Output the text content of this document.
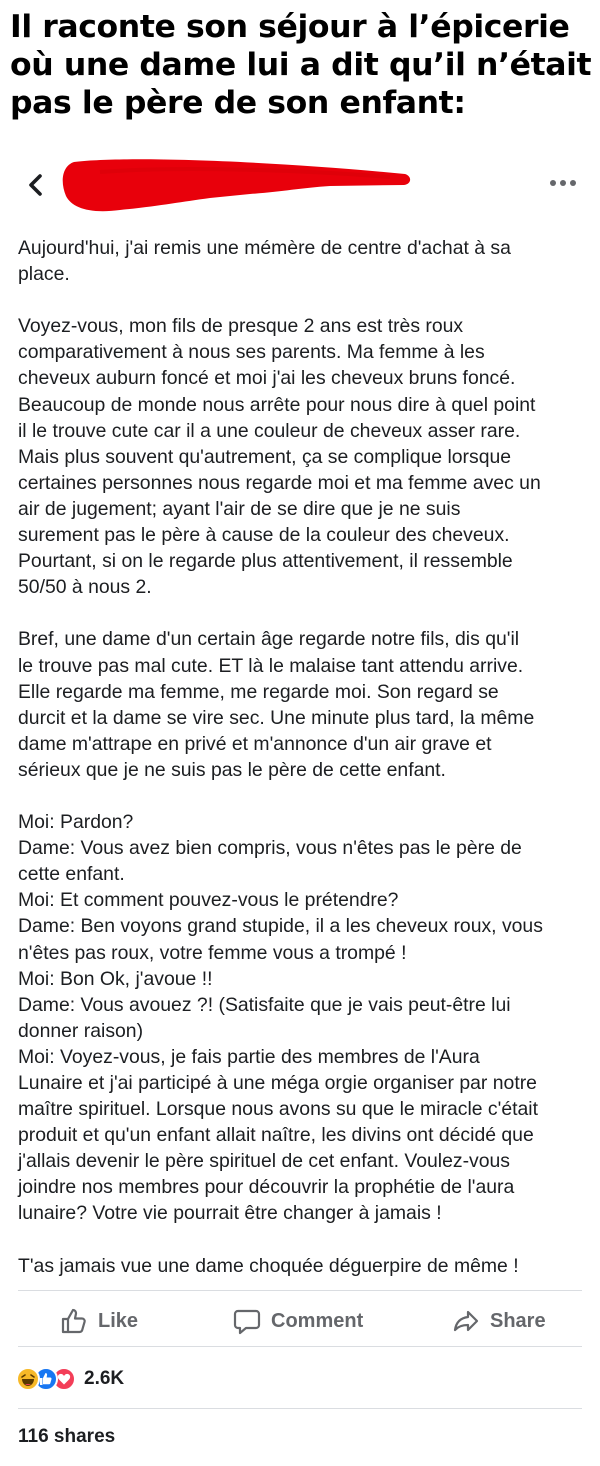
Il raconte son séjour à l’épicerie
où une dame lui a dit qu’il n’était
pas le père de son enfant:
Aujourd'hui, j'ai remis une mémère de centre d'achat à sa
place.
Voyez-vous, mon fils de presque 2 ans est très roux
comparativement à nous ses parents. Ma femme à les
cheveux auburn foncé et moi j'ai les cheveux bruns foncé.
Beaucoup de monde nous arrête pour nous dire à quel point
il le trouve cute car il a une couleur de cheveux asser rare.
Mais plus souvent qu'autrement, ça se complique lorsque
certaines personnes nous regarde moi et ma femme avec un
air de jugement; ayant l'air de se dire que je ne suis
surement pas le père à cause de la couleur des cheveux.
Pourtant, si on le regarde plus attentivement, il ressemble
50/50 à nous 2.
Bref, une dame d'un certain âge regarde notre fils, dis qu'il
le trouve pas mal cute. ET là le malaise tant attendu arrive.
Elle regarde ma femme, me regarde moi. Son regard se
durcit et la dame se vire sec. Une minute plus tard, la même
dame m'attrape en privé et m'annonce d'un air grave et
sérieux que je ne suis pas le père de cette enfant.
Moi: Pardon?
Dame: Vous avez bien compris, vous n'êtes pas le père de
cette enfant.
Moi: Et comment pouvez-vous le prétendre?
Dame: Ben voyons grand stupide, il a les cheveux roux, vous
n'êtes pas roux, votre femme vous a trompé !
Moi: Bon Ok, j'avoue !!
Dame: Vous avouez ?! (Satisfaite que je vais peut-être lui
donner raison)
Moi: Voyez-vous, je fais partie des membres de l'Aura
Lunaire et j'ai participé à une méga orgie organiser par notre
maître spirituel. Lorsque nous avons su que le miracle c'était
produit et qu'un enfant allait naître, les divins ont décidé que
j'allais devenir le père spirituel de cet enfant. Voulez-vous
joindre nos membres pour découvrir la prophétie de l'aura
lunaire? Votre vie pourrait être changer à jamais !
T'as jamais vue une dame choquée déguerpire de même !
Like	Comment	Share
2.6K
116 shares
